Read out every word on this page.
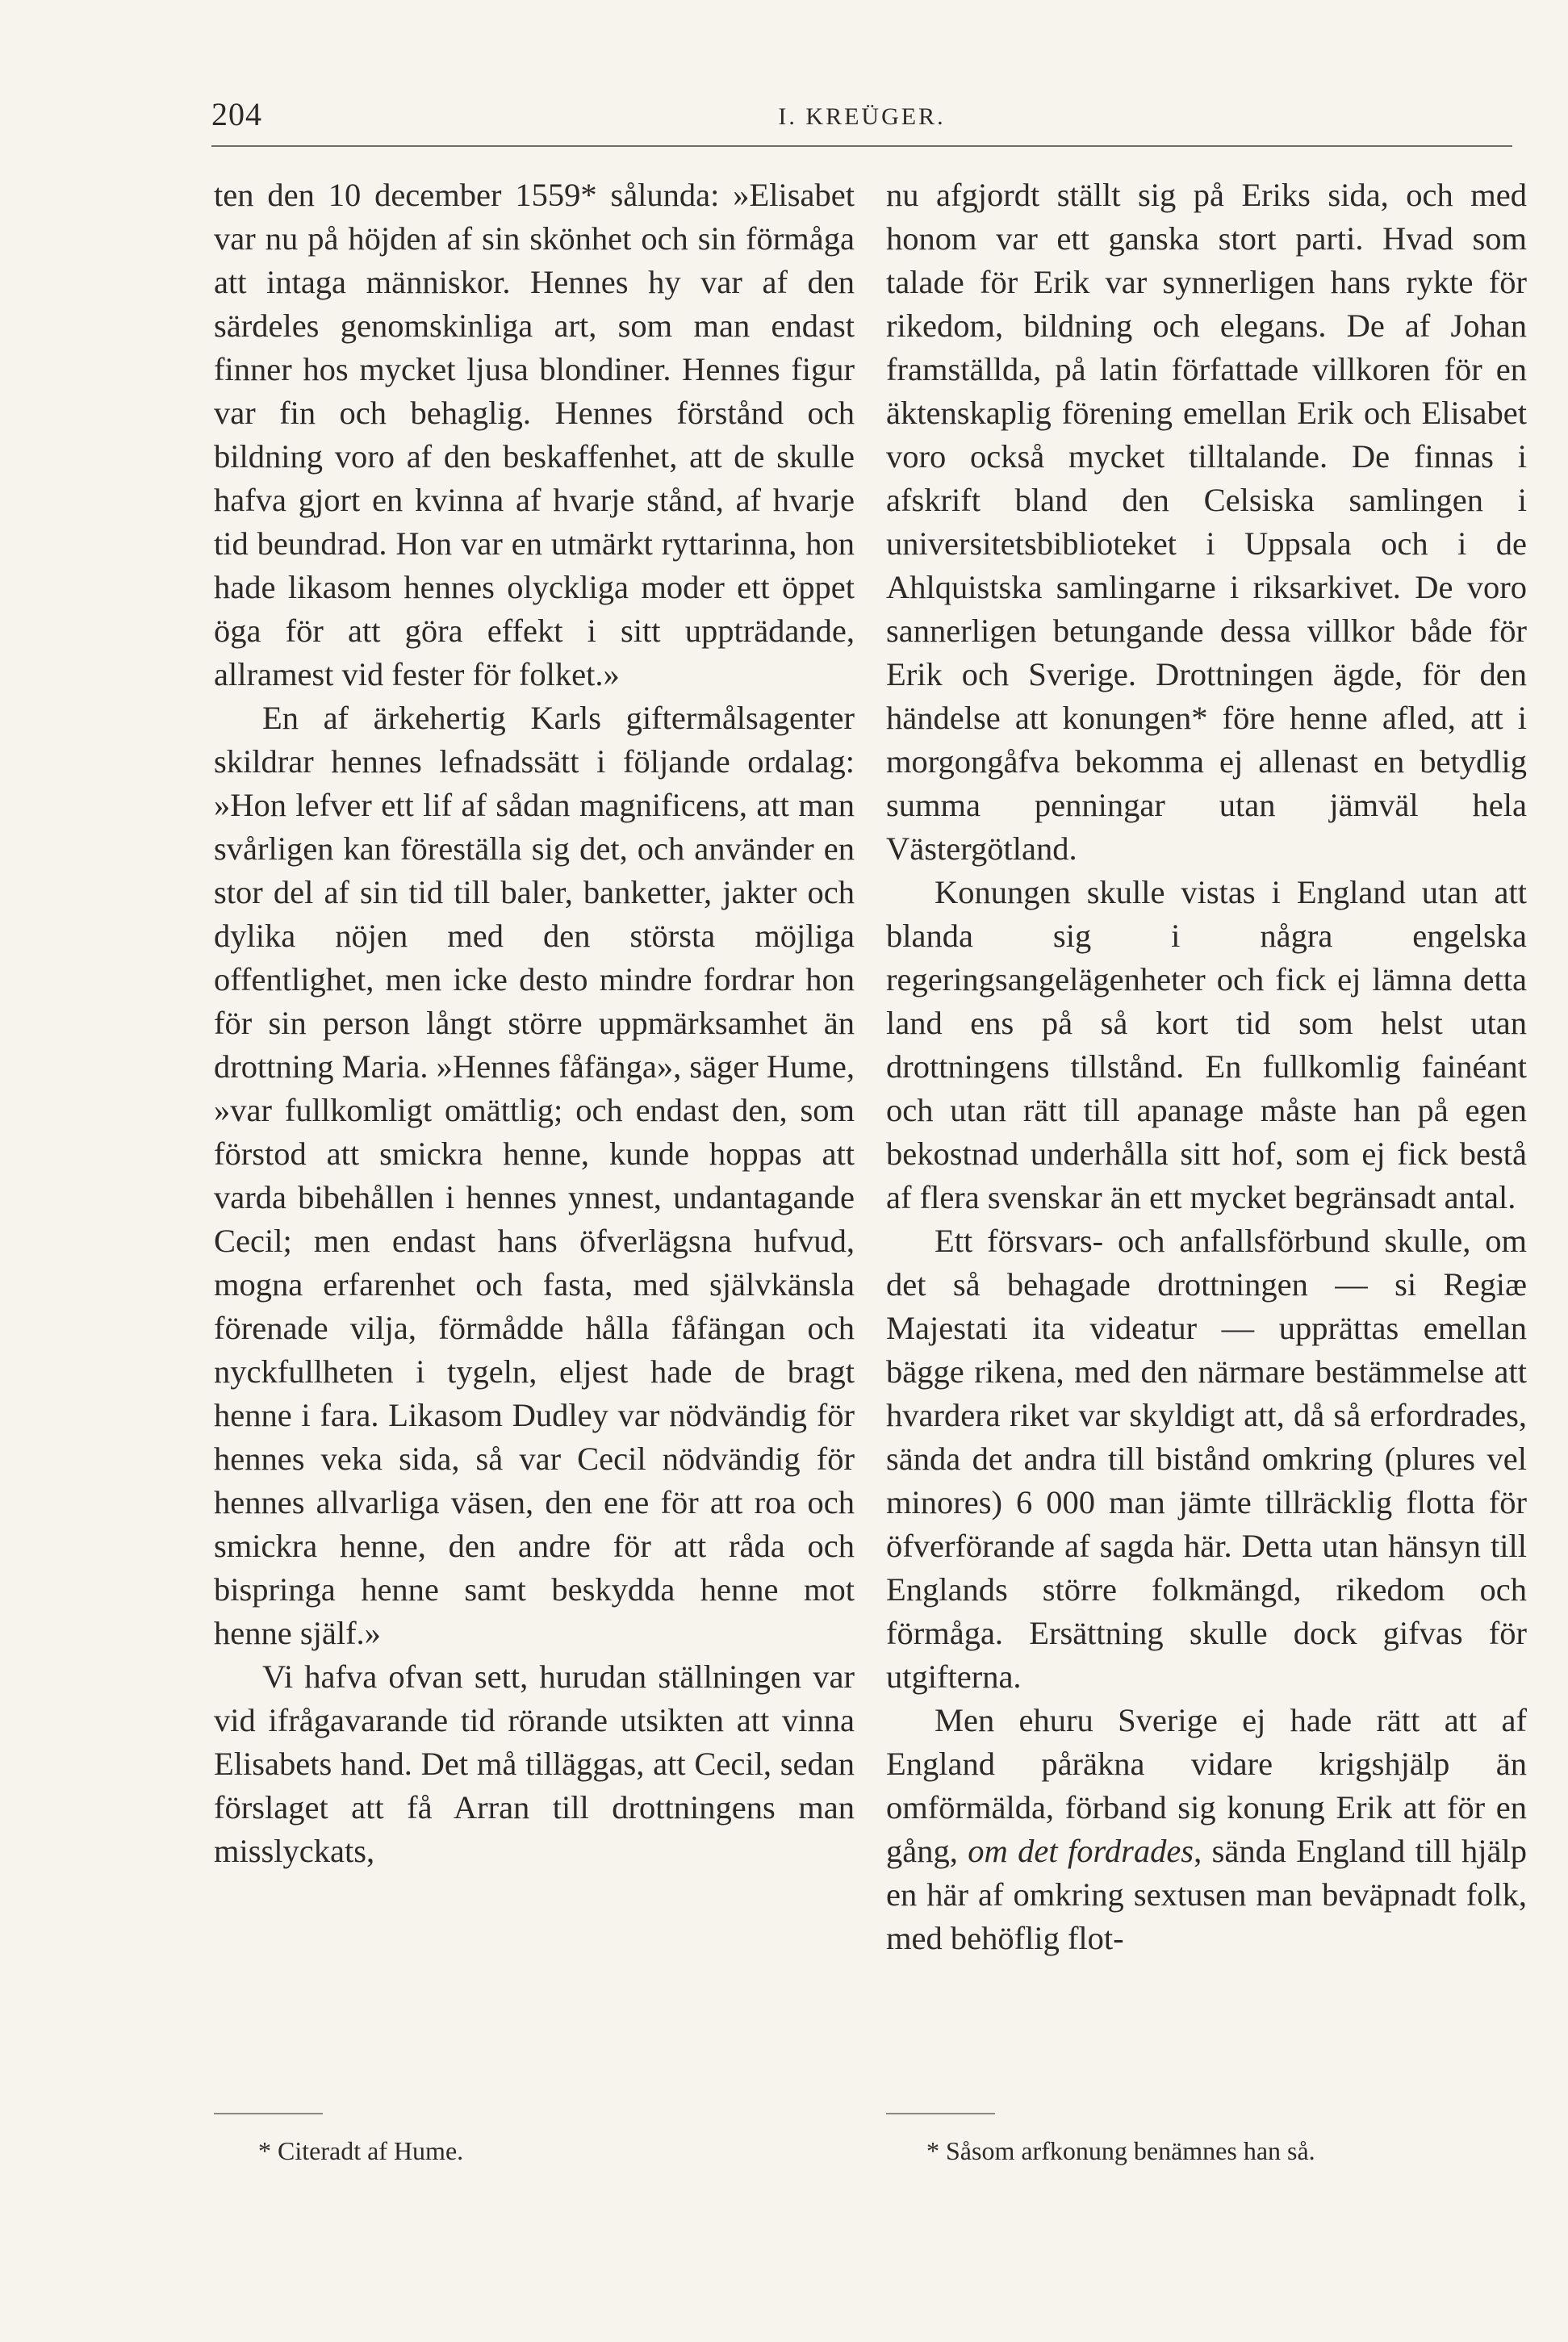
204	I. KREÜGER.

ten den 10 december 1559* sålunda: »Elisabet var nu på höjden af sin skönhet och sin förmåga att intaga människor. Hennes hy var af den särdeles genomskinliga art, som man endast finner hos mycket ljusa blondiner. Hennes figur var fin och behaglig. Hennes förstånd och bildning voro af den beskaffenhet, att de skulle hafva gjort en kvinna af hvarje stånd, af hvarje tid beundrad. Hon var en utmärkt ryttarinna, hon hade likasom hennes olyckliga moder ett öppet öga för att göra effekt i sitt uppträdande, allramest vid fester för folket.»

En af ärkehertig Karls giftermålsagenter skildrar hennes lefnadssätt i följande ordalag: »Hon lefver ett lif af sådan magnificens, att man svårligen kan föreställa sig det, och använder en stor del af sin tid till baler, banketter, jakter och dylika nöjen med den största möjliga offentlighet, men icke desto mindre fordrar hon för sin person långt större uppmärksamhet än drottning Maria. »Hennes fåfänga», säger Hume, »var fullkomligt omättlig; och endast den, som förstod att smickra henne, kunde hoppas att varda bibehållen i hennes ynnest, undantagande Cecil; men endast hans öfverlägsna hufvud, mogna erfarenhet och fasta, med självkänsla förenade vilja, förmådde hålla fåfängan och nyckfullheten i tygeln, eljest hade de bragt henne i fara. Likasom Dudley var nödvändig för hennes veka sida, så var Cecil nödvändig för hennes allvarliga väsen, den ene för att roa och smickra henne, den andre för att råda och bispringa henne samt beskydda henne mot henne själf.»

Vi hafva ofvan sett, hurudan ställningen var vid ifrågavarande tid rörande utsikten att vinna Elisabets hand. Det må tilläggas, att Cecil, sedan förslaget att få Arran till drottningens man misslyckats,

nu afgjordt ställt sig på Eriks sida, och med honom var ett ganska stort parti. Hvad som talade för Erik var synnerligen hans rykte för rikedom, bildning och elegans. De af Johan framställda, på latin författade villkoren för en äktenskaplig förening emellan Erik och Elisabet voro också mycket tilltalande. De finnas i afskrift bland den Celsiska samlingen i universitetsbiblioteket i Uppsala och i de Ahlquistska samlingarne i riksarkivet. De voro sannerligen betungande dessa villkor både för Erik och Sverige. Drottningen ägde, för den händelse att konungen* före henne afled, att i morgongåfva bekomma ej allenast en betydlig summa penningar utan jämväl hela Västergötland.

Konungen skulle vistas i England utan att blanda sig i några engelska regeringsangelägenheter och fick ej lämna detta land ens på så kort tid som helst utan drottningens tillstånd. En fullkomlig fainéant och utan rätt till apanage måste han på egen bekostnad underhålla sitt hof, som ej fick bestå af flera svenskar än ett mycket begränsadt antal.

Ett försvars- och anfallsförbund skulle, om det så behagade drottningen — si Regiæ Majestati ita videatur — upprättas emellan bägge rikena, med den närmare bestämmelse att hvardera riket var skyldigt att, då så erfordrades, sända det andra till bistånd omkring (plures vel minores) 6 000 man jämte tillräcklig flotta för öfverförande af sagda här. Detta utan hänsyn till Englands större folkmängd, rikedom och förmåga. Ersättning skulle dock gifvas för utgifterna.

Men ehuru Sverige ej hade rätt att af England påräkna vidare krigshjälp än omförmälda, förband sig konung Erik att för en gång, om det fordrades, sända England till hjälp en här af omkring sextusen man beväpnadt folk, med behöflig flot-

* Citeradt af Hume.	* Såsom arfkonung benämnes han så.
